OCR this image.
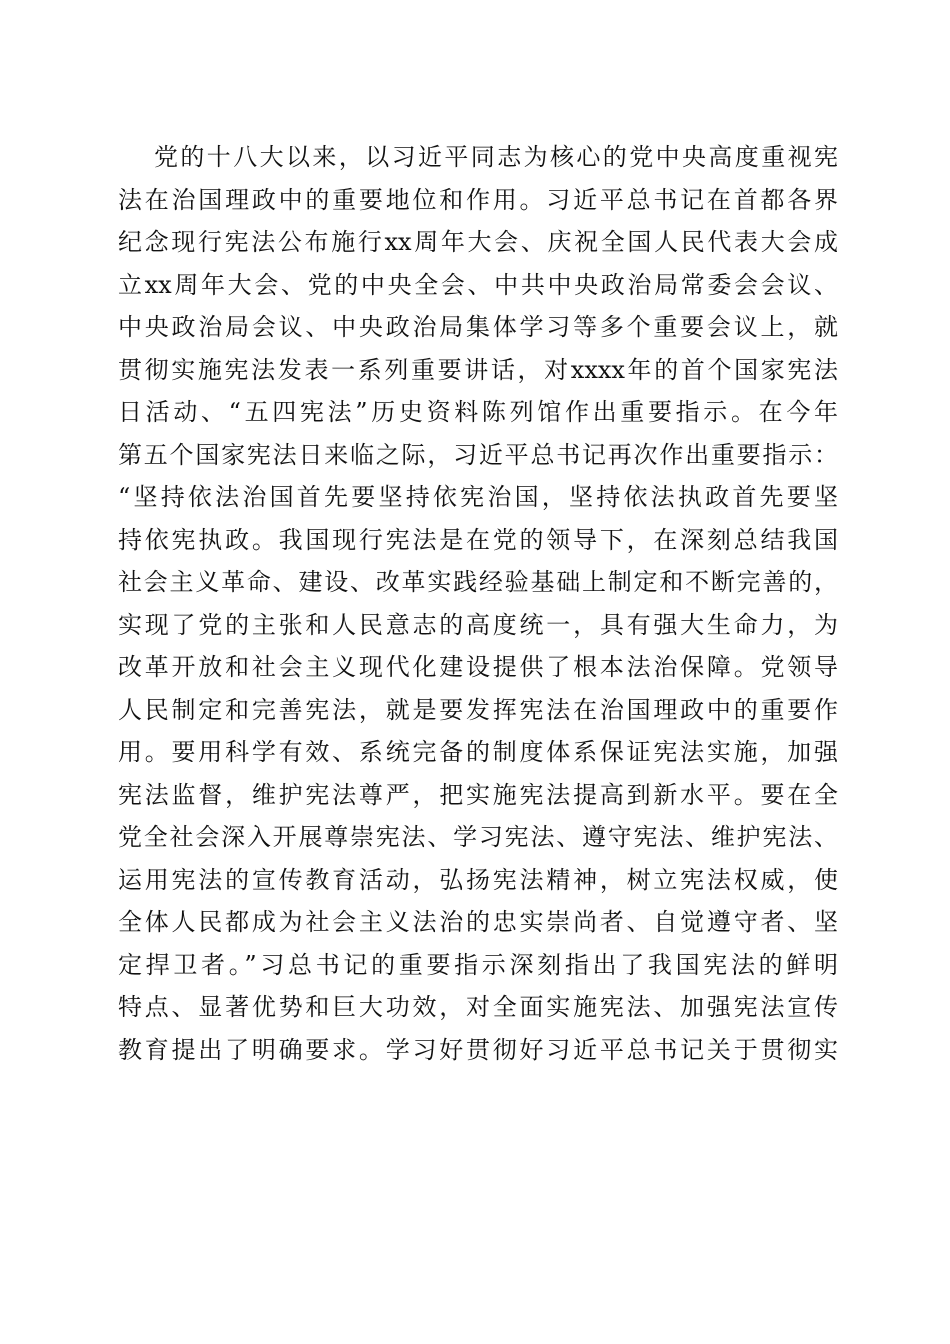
党的十八大以来，以习近平同志为核心的党中央高度重视宪
法在治国理政中的重要地位和作用。习近平总书记在首都各界
纪念现行宪法公布施行xx周年大会、庆祝全国人民代表大会成
立xx周年大会、党的中央全会、中共中央政治局常委会会议、
中央政治局会议、中央政治局集体学习等多个重要会议上，就
贯彻实施宪法发表一系列重要讲话，对xxxx年的首个国家宪法
日活动、“五四宪法”历史资料陈列馆作出重要指示。在今年
第五个国家宪法日来临之际，习近平总书记再次作出重要指示：
“坚持依法治国首先要坚持依宪治国，坚持依法执政首先要坚
持依宪执政。我国现行宪法是在党的领导下，在深刻总结我国
社会主义革命、建设、改革实践经验基础上制定和不断完善的，
实现了党的主张和人民意志的高度统一，具有强大生命力，为
改革开放和社会主义现代化建设提供了根本法治保障。党领导
人民制定和完善宪法，就是要发挥宪法在治国理政中的重要作
用。要用科学有效、系统完备的制度体系保证宪法实施，加强
宪法监督，维护宪法尊严，把实施宪法提高到新水平。要在全
党全社会深入开展尊崇宪法、学习宪法、遵守宪法、维护宪法、
运用宪法的宣传教育活动，弘扬宪法精神，树立宪法权威，使
全体人民都成为社会主义法治的忠实崇尚者、自觉遵守者、坚
定捍卫者。”习总书记的重要指示深刻指出了我国宪法的鲜明
特点、显著优势和巨大功效，对全面实施宪法、加强宪法宣传
教育提出了明确要求。学习好贯彻好习近平总书记关于贯彻实
